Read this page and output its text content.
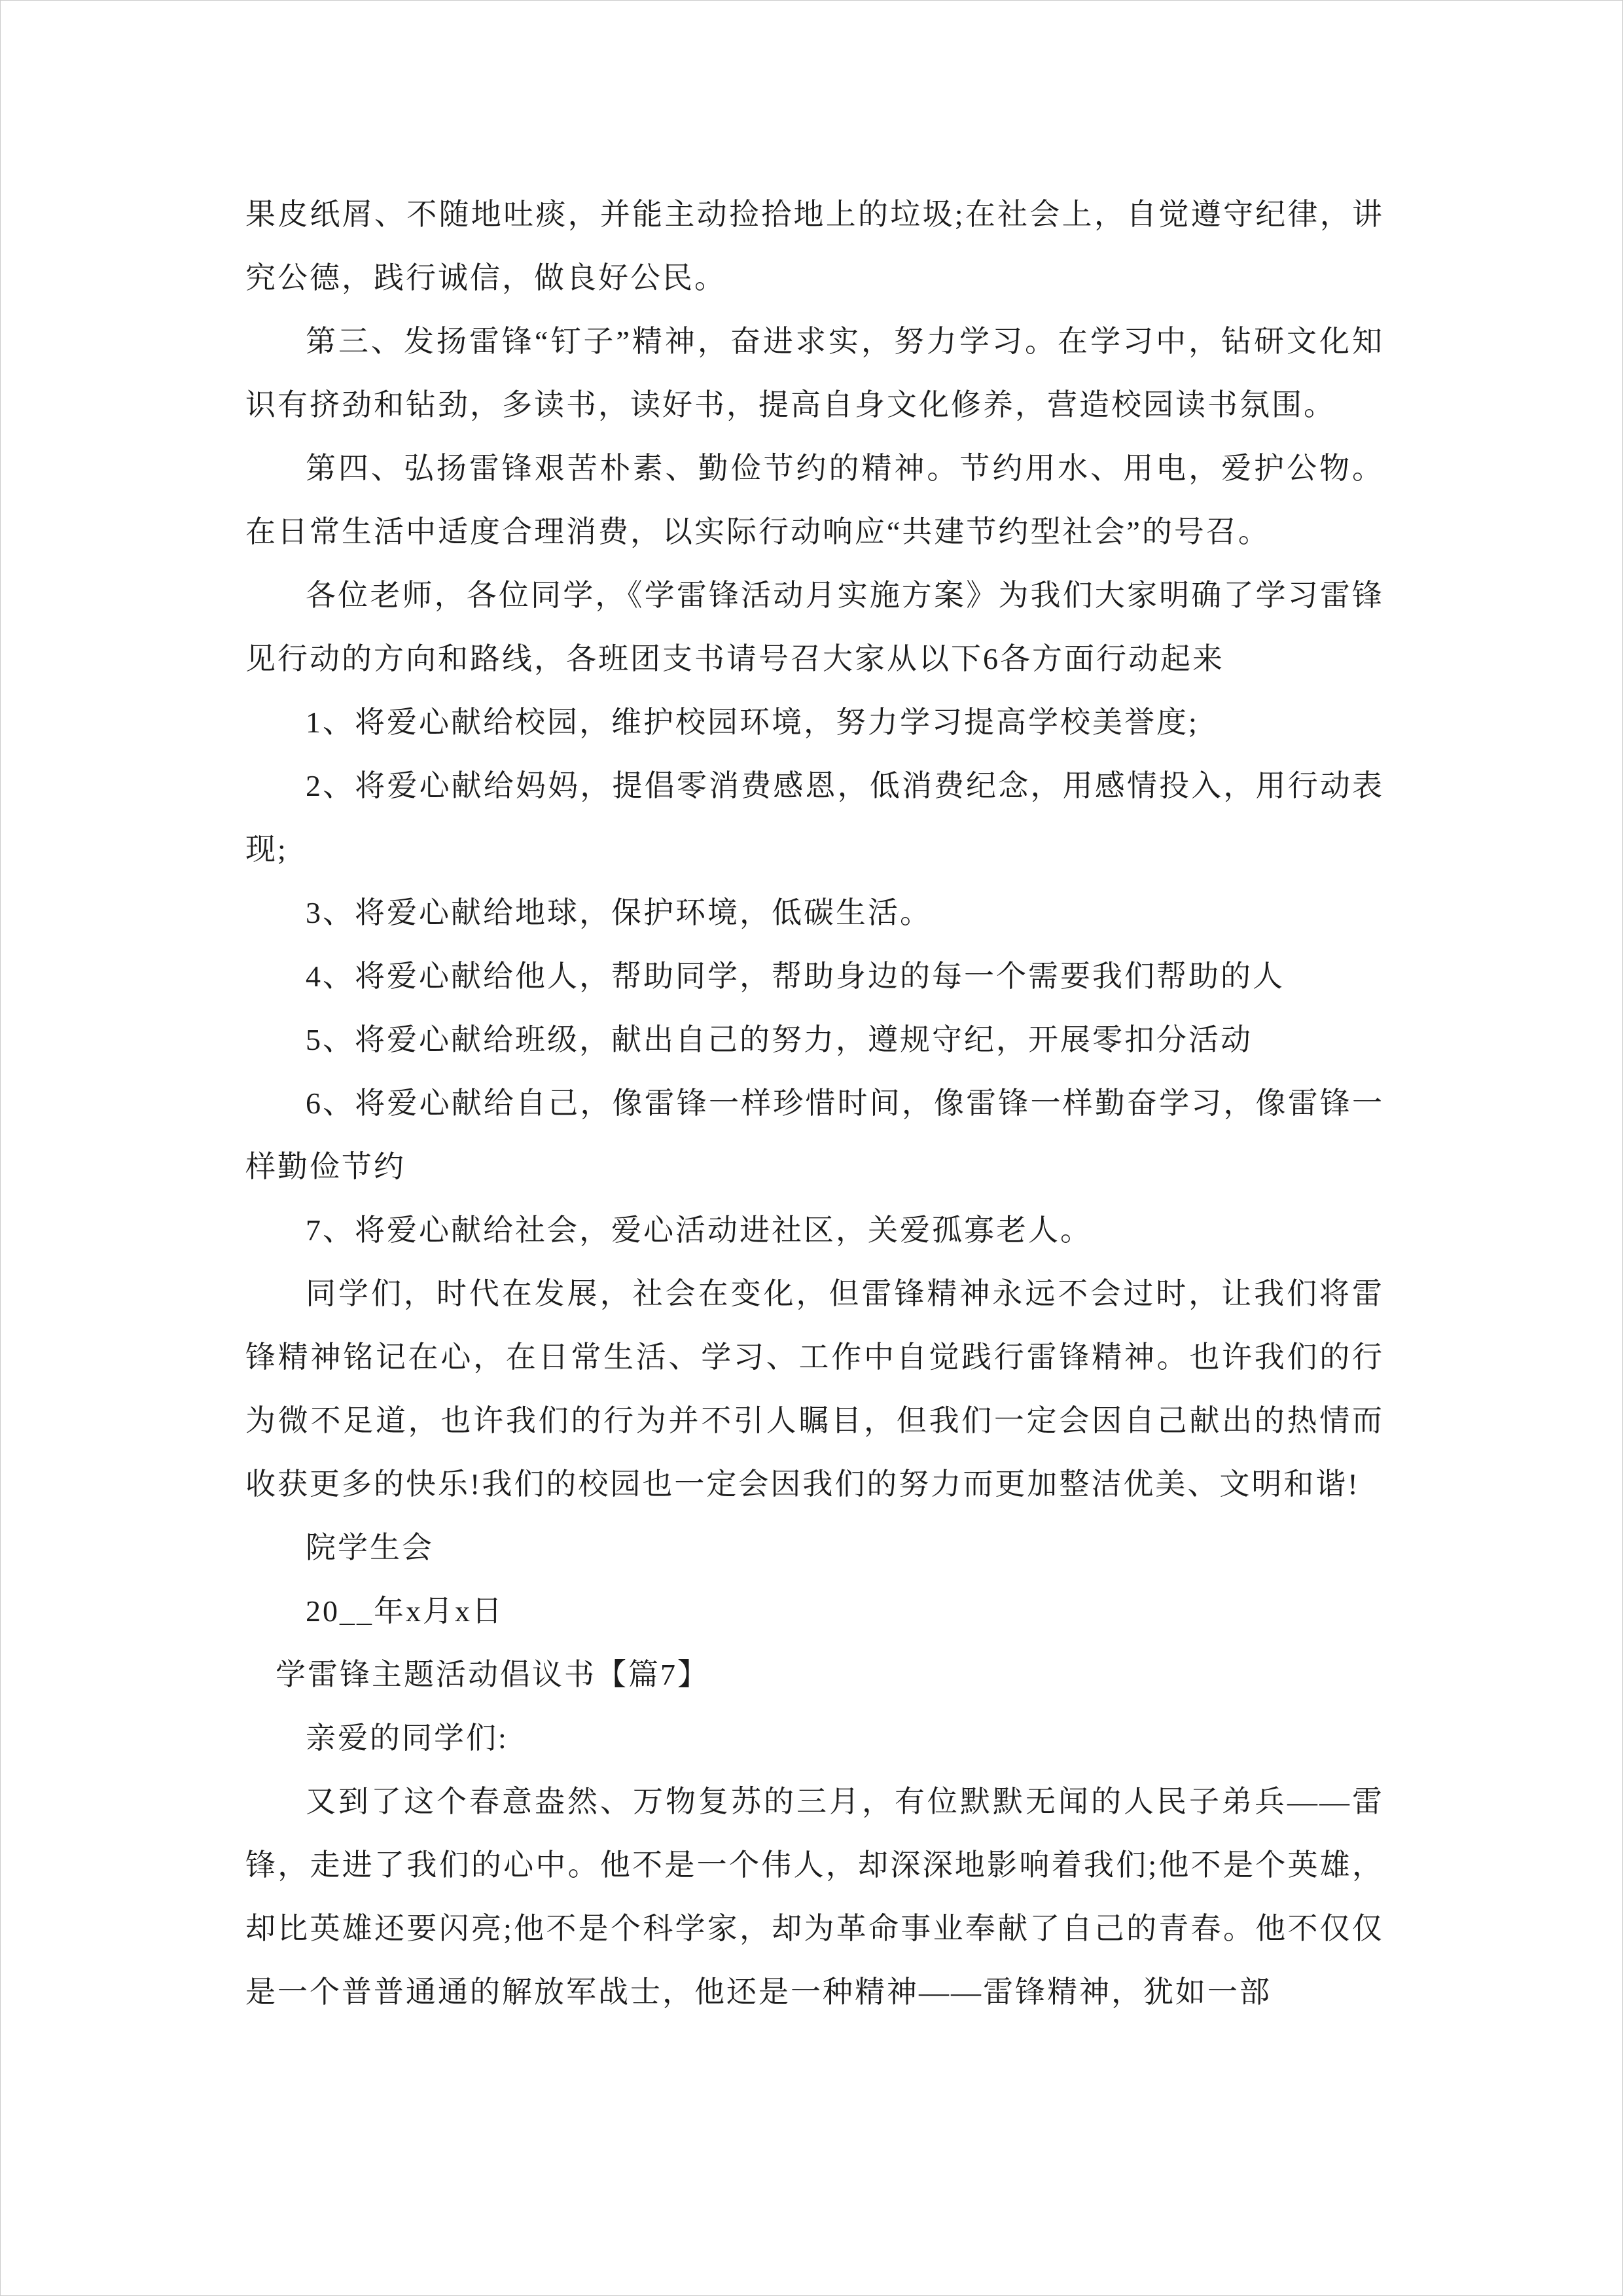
果皮纸屑、不随地吐痰，并能主动捡拾地上的垃圾;在社会上，自觉遵守纪律，讲究公德，践行诚信，做良好公民。

第三、发扬雷锋“钉子”精神，奋进求实，努力学习。在学习中，钻研文化知识有挤劲和钻劲，多读书，读好书，提高自身文化修养，营造校园读书氛围。

第四、弘扬雷锋艰苦朴素、勤俭节约的精神。节约用水、用电，爱护公物。在日常生活中适度合理消费，以实际行动响应“共建节约型社会”的号召。

各位老师，各位同学，《学雷锋活动月实施方案》为我们大家明确了学习雷锋见行动的方向和路线，各班团支书请号召大家从以下6各方面行动起来

1、将爱心献给校园，维护校园环境，努力学习提高学校美誉度;

2、将爱心献给妈妈，提倡零消费感恩，低消费纪念，用感情投入，用行动表现;

3、将爱心献给地球，保护环境，低碳生活。

4、将爱心献给他人，帮助同学，帮助身边的每一个需要我们帮助的人

5、将爱心献给班级，献出自己的努力，遵规守纪，开展零扣分活动

6、将爱心献给自己，像雷锋一样珍惜时间，像雷锋一样勤奋学习，像雷锋一样勤俭节约

7、将爱心献给社会，爱心活动进社区，关爱孤寡老人。

同学们，时代在发展，社会在变化，但雷锋精神永远不会过时，让我们将雷锋精神铭记在心，在日常生活、学习、工作中自觉践行雷锋精神。也许我们的行为微不足道，也许我们的行为并不引人瞩目，但我们一定会因自己献出的热情而收获更多的快乐!我们的校园也一定会因我们的努力而更加整洁优美、文明和谐!

院学生会

20__年x月x日

学雷锋主题活动倡议书【篇7】

亲爱的同学们:

又到了这个春意盎然、万物复苏的三月，有位默默无闻的人民子弟兵——雷锋，走进了我们的心中。他不是一个伟人，却深深地影响着我们;他不是个英雄，却比英雄还要闪亮;他不是个科学家，却为革命事业奉献了自己的青春。他不仅仅是一个普普通通的解放军战士，他还是一种精神——雷锋精神，犹如一部
